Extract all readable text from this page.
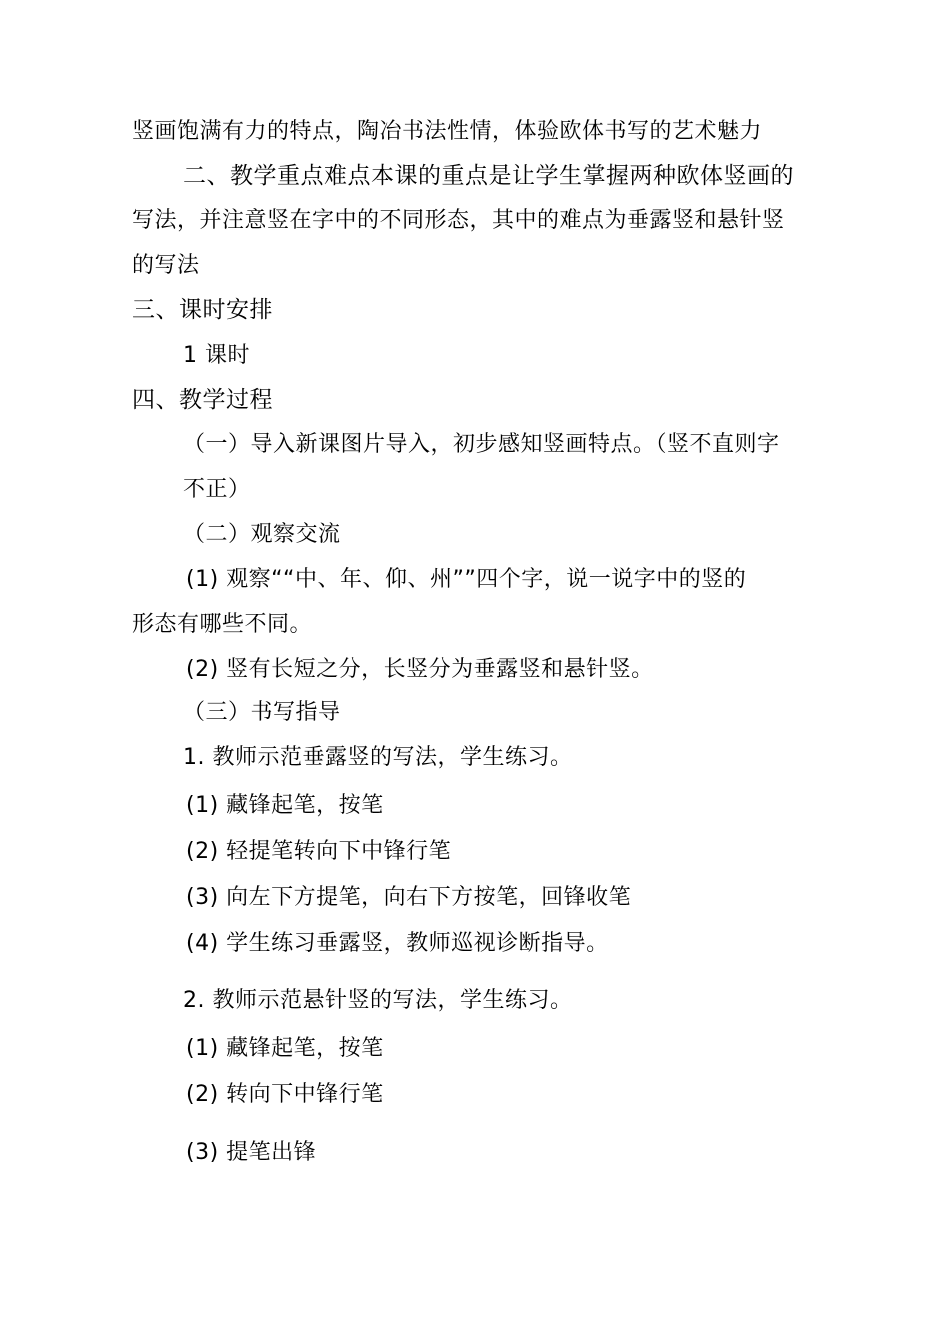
竖画饱满有力的特点，陶冶书法性情，体验欧体书写的艺术魅力
二、教学重点难点本课的重点是让学生掌握两种欧体竖画的
写法，并注意竖在字中的不同形态，其中的难点为垂露竖和悬针竖
的写法
三、课时安排
1 课时
四、教学过程
（一）导入新课图片导入，初步感知竖画特点。（竖不直则字
不正）
（二）观察交流
(1) 观察““中、年、仰、州””四个字，说一说字中的竖的
形态有哪些不同。
(2) 竖有长短之分，长竖分为垂露竖和悬针竖。
（三）书写指导
1. 教师示范垂露竖的写法，学生练习。
(1) 藏锋起笔，按笔
(2) 轻提笔转向下中锋行笔
(3) 向左下方提笔，向右下方按笔，回锋收笔
(4) 学生练习垂露竖，教师巡视诊断指导。
2. 教师示范悬针竖的写法，学生练习。
(1) 藏锋起笔，按笔
(2) 转向下中锋行笔
(3) 提笔出锋
